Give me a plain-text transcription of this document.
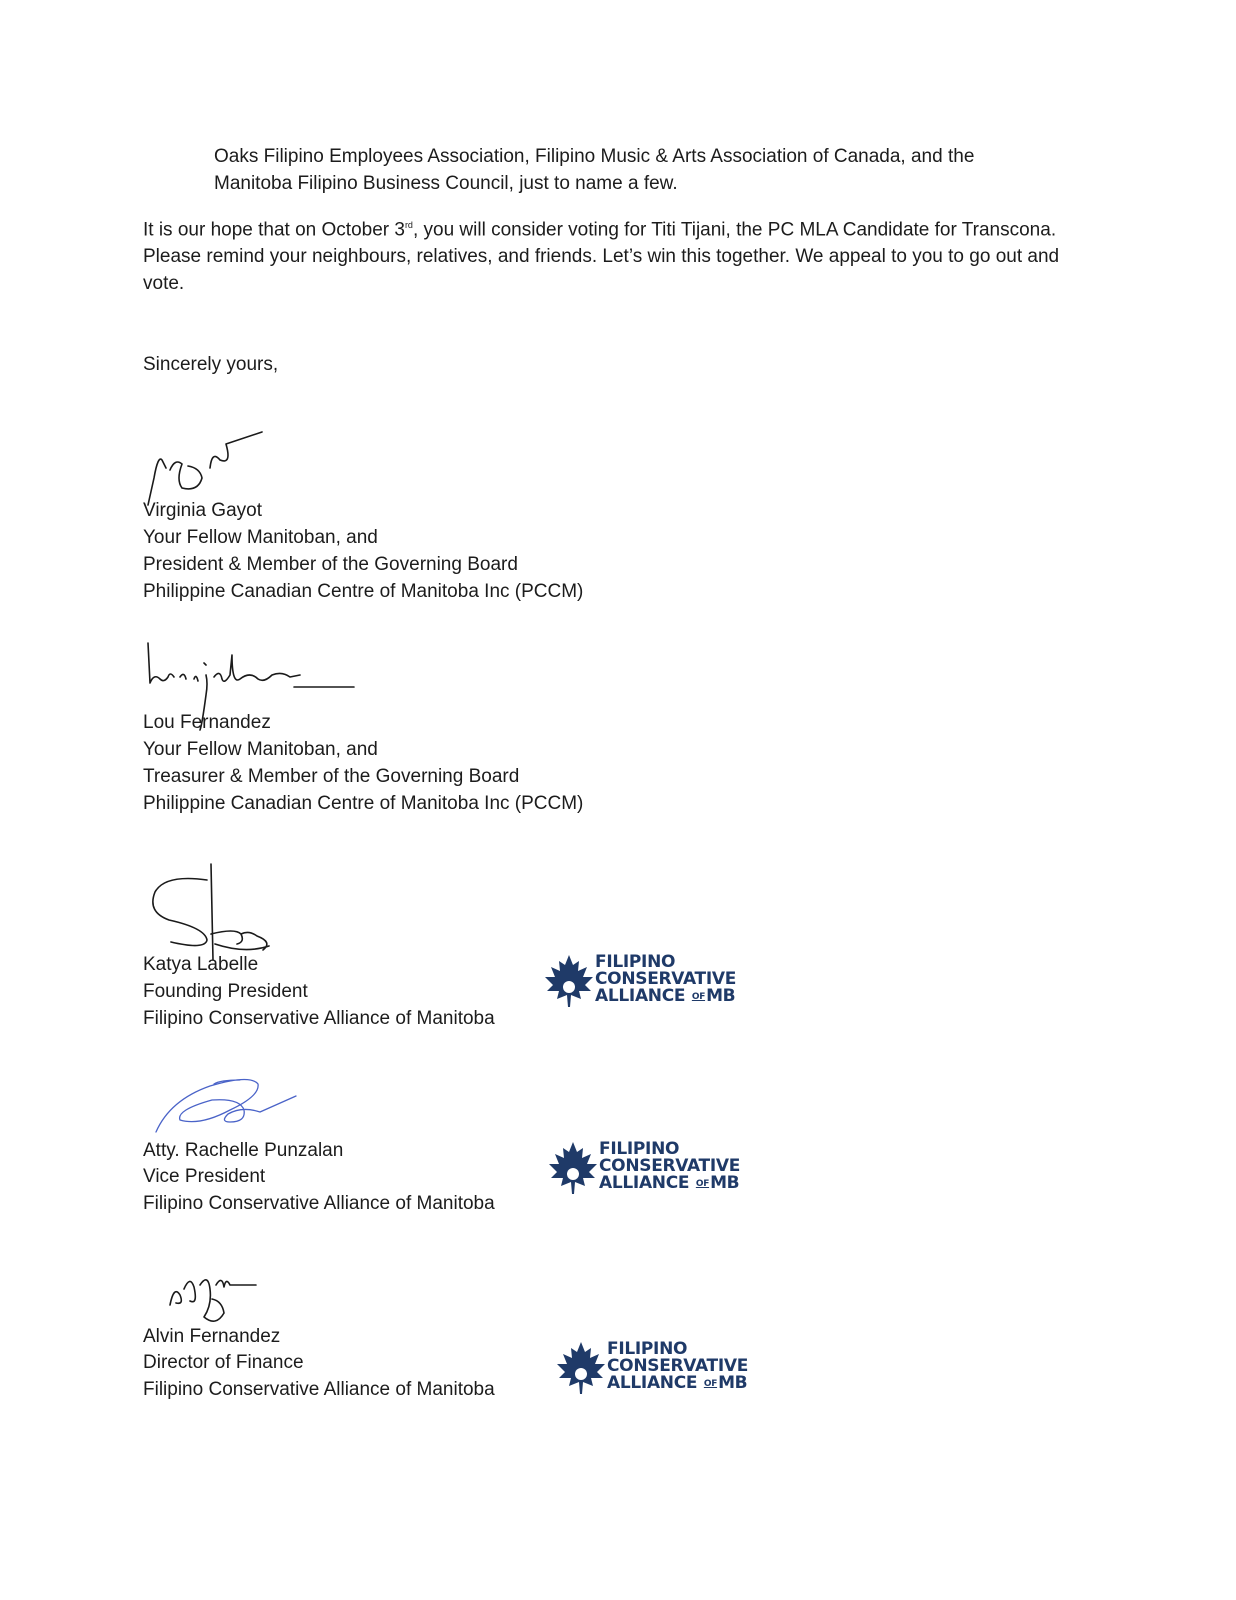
Oaks Filipino Employees Association, Filipino Music & Arts Association of Canada, and the
Manitoba Filipino Business Council, just to name a few.
It is our hope that on October 3rd, you will consider voting for Titi Tijani, the PC MLA Candidate for Transcona. Please remind your neighbours, relatives, and friends. Let’s win this together. We appeal to you to go out and vote.
Sincerely yours,
Virginia Gayot
Your Fellow Manitoban, and
President & Member of the Governing Board
Philippine Canadian Centre of Manitoba Inc (PCCM)
Lou Fernandez
Your Fellow Manitoban, and
Treasurer & Member of the Governing Board
Philippine Canadian Centre of Manitoba Inc (PCCM)
Katya Labelle
Founding President
Filipino Conservative Alliance of Manitoba
FILIPINO
CONSERVATIVE
ALLIANCE OFMB
Atty. Rachelle Punzalan
Vice President
Filipino Conservative Alliance of Manitoba
FILIPINO
CONSERVATIVE
ALLIANCE OFMB
Alvin Fernandez
Director of Finance
Filipino Conservative Alliance of Manitoba
FILIPINO
CONSERVATIVE
ALLIANCE OFMB
